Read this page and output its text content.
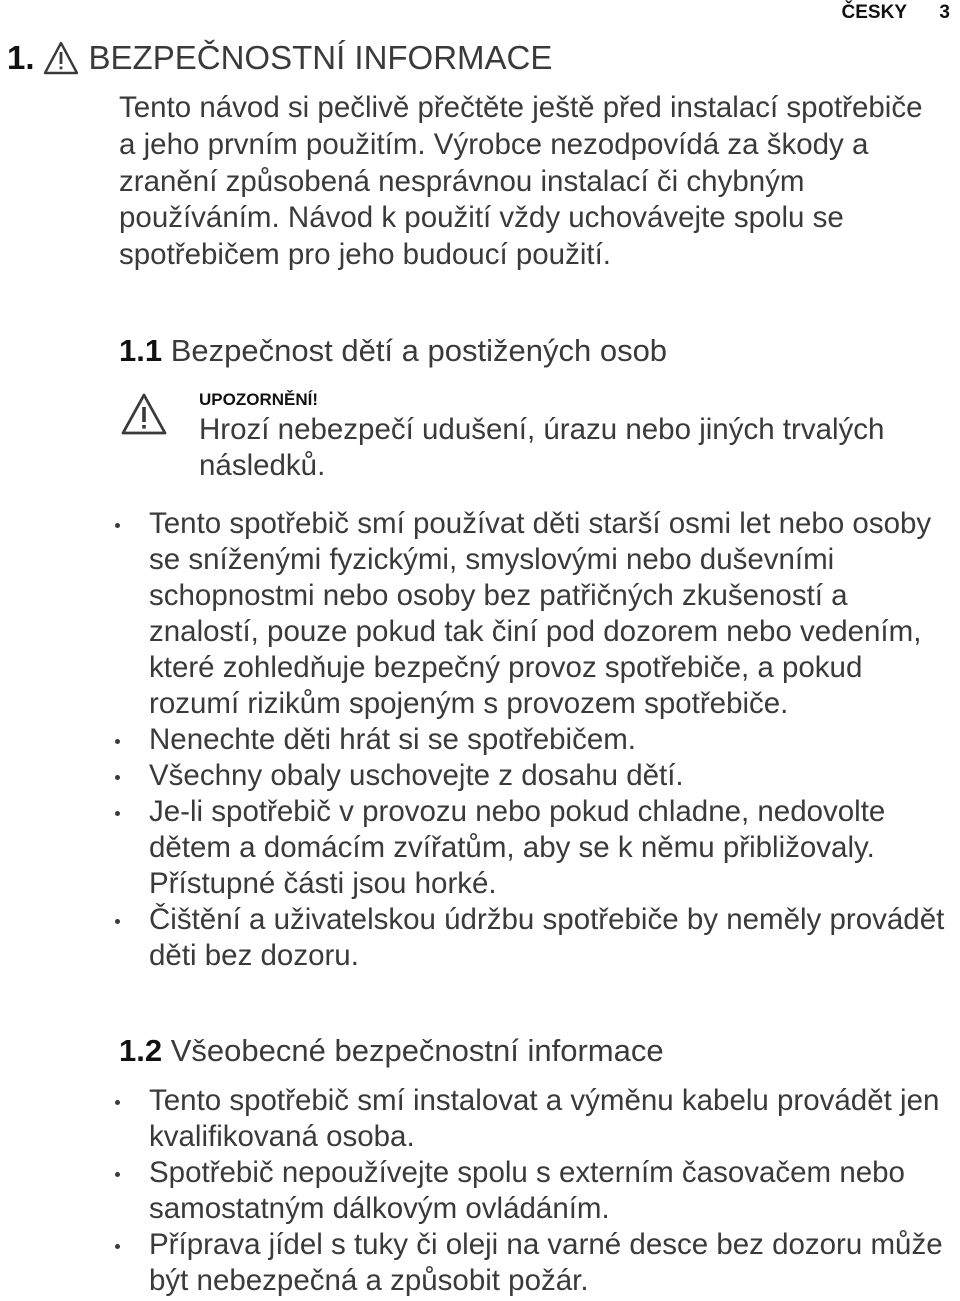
ČESKY 3
1. BEZPEČNOSTNÍ INFORMACE

Tento návod si pečlivě přečtěte ještě před instalací spotřebiče a jeho prvním použitím. Výrobce nezodpovídá za škody a zranění způsobená nesprávnou instalací či chybným používáním. Návod k použití vždy uchovávejte spolu se spotřebičem pro jeho budoucí použití.

1.1 Bezpečnost dětí a postižených osob
UPOZORNĚNÍ!
Hrozí nebezpečí udušení, úrazu nebo jiných trvalých následků.
Tento spotřebič smí používat děti starší osmi let nebo osoby se sníženými fyzickými, smyslovými nebo duševními schopnostmi nebo osoby bez patřičných zkušeností a znalostí, pouze pokud tak činí pod dozorem nebo vedením, které zohledňuje bezpečný provoz spotřebiče, a pokud rozumí rizikům spojeným s provozem spotřebiče.
Nenechte děti hrát si se spotřebičem.
Všechny obaly uschovejte z dosahu dětí.
Je-li spotřebič v provozu nebo pokud chladne, nedovolte dětem a domácím zvířatům, aby se k němu přibližovaly. Přístupné části jsou horké.
Čištění a uživatelskou údržbu spotřebiče by neměly provádět děti bez dozoru.
1.2 Všeobecné bezpečnostní informace
Tento spotřebič smí instalovat a výměnu kabelu provádět jen kvalifikovaná osoba.
Spotřebič nepoužívejte spolu s externím časovačem nebo samostatným dálkovým ovládáním.
Příprava jídel s tuky či oleji na varné desce bez dozoru může být nebezpečná a způsobit požár.
